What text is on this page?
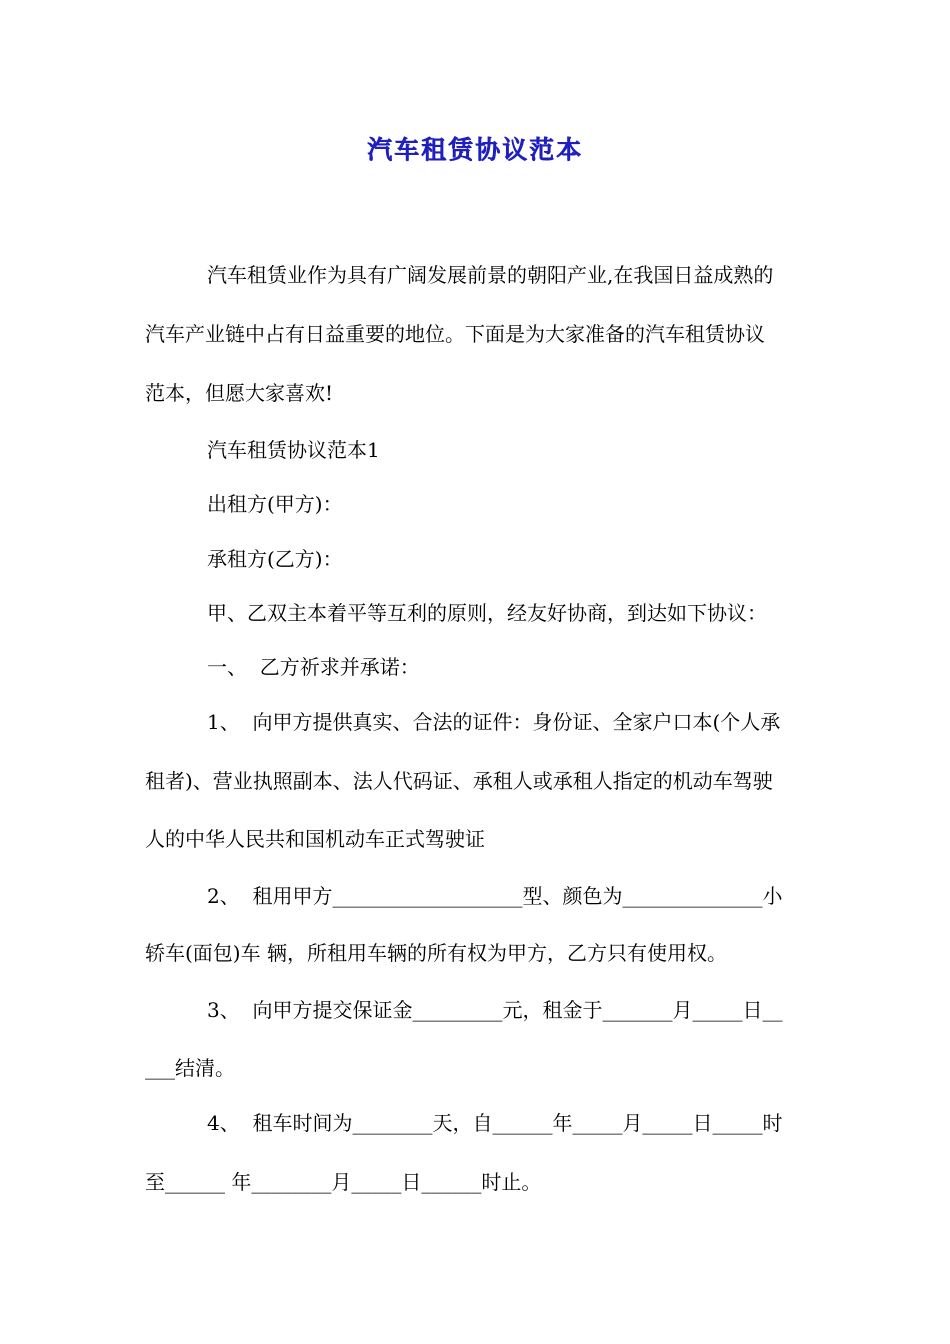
汽车租赁协议范本
汽车租赁业作为具有广阔发展前景的朝阳产业,在我国日益成熟的
汽车产业链中占有日益重要的地位。下面是为大家准备的汽车租赁协议
范本，但愿大家喜欢!
汽车租赁协议范本1
出租方(甲方)：
承租方(乙方)：
甲、乙双主本着平等互利的原则，经友好协商，到达如下协议：
一、  乙方祈求并承诺：
1、  向甲方提供真实、合法的证件：身份证、全家户口本(个人承
租者)、营业执照副本、法人代码证、承租人或承租人指定的机动车驾驶
人的中华人民共和国机动车正式驾驶证
2、  租用甲方___________________型、颜色为______________小
轿车(面包)车 辆，所租用车辆的所有权为甲方，乙方只有使用权。
3、  向甲方提交保证金_________元，租金于_______月_____日__
___结清。
4、  租车时间为________天，自______年_____月_____日_____时
至______ 年________月_____日______时止。
